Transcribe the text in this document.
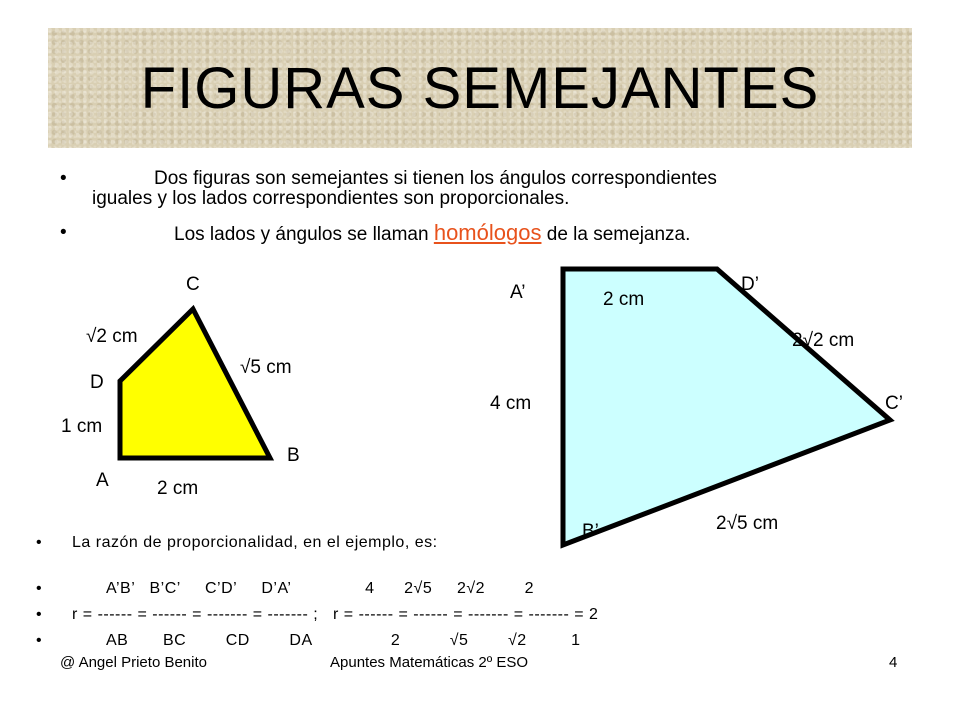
FIGURAS SEMEJANTES
•	Dos figuras son semejantes si tienen los ángulos correspondientes
iguales y los lados correspondientes son proporcionales.
•	Los lados y ángulos se llaman homólogos de la semejanza.
C
√2 cm
√5 cm
D
1 cm
B
A	2 cm
A’	D’
2 cm
2√2 cm
4 cm	C’
2√5 cm
B’
• La razón de proporcionalidad, en el ejemplo, es:
•	A’B’   B’C’     C’D’     D’A’               4      2√5     2√2        2
• r = ------ = ------ = ------- = ------- ;   r = ------ = ------ = ------- = ------- = 2
•	AB       BC        CD        DA                2          √5        √2         1
@ Angel Prieto Benito	Apuntes Matemáticas 2º ESO	4
